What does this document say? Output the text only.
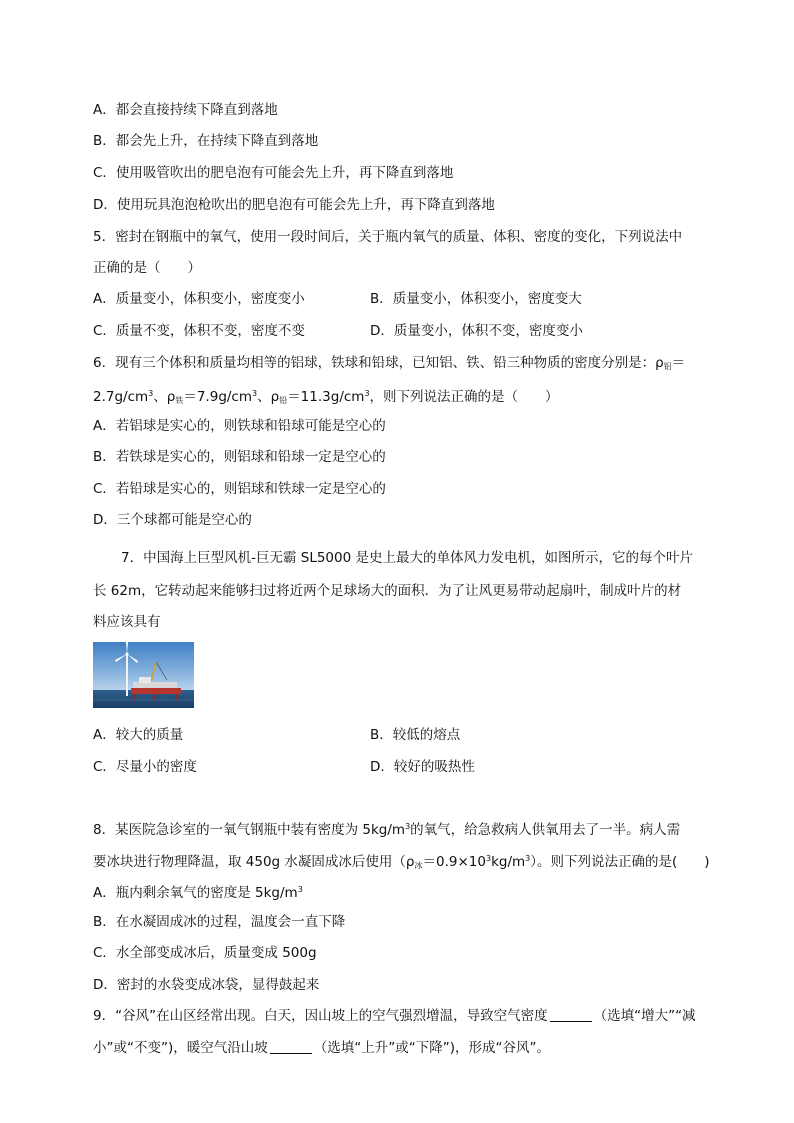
A．都会直接持续下降直到落地
B．都会先上升，在持续下降直到落地
C．使用吸管吹出的肥皂泡有可能会先上升，再下降直到落地
D．使用玩具泡泡枪吹出的肥皂泡有可能会先上升，再下降直到落地
5．密封在钢瓶中的氧气，使用一段时间后，关于瓶内氧气的质量、体积、密度的变化，下列说法中
正确的是（　　）
A．质量变小，体积变小，密度变小	B．质量变小，体积变小，密度变大
C．质量不变，体积不变，密度不变	D．质量变小，体积不变，密度变小
6．现有三个体积和质量均相等的铝球，铁球和铅球，已知铝、铁、铅三种物质的密度分别是：$\rho_铝=$
$2.7g/cm^3$、$\rho_铁=7.9g/cm^3$、$\rho_铅=11.3g/cm^3$，则下列说法正确的是（　　）
A．若铝球是实心的，则铁球和铅球可能是空心的
B．若铁球是实心的，则铝球和铅球一定是空心的
C．若铅球是实心的，则铝球和铁球一定是空心的
D．三个球都可能是空心的
7．中国海上巨型风机-巨无霸 SL5000 是史上最大的单体风力发电机，如图所示，它的每个叶片
长 62m，它转动起来能够扫过将近两个足球场大的面积．为了让风更易带动起扇叶，制成叶片的材
料应该具有
A．较大的质量	B．较低的熔点
C．尽量小的密度	D．较好的吸热性
8．某医院急诊室的一氧气钢瓶中装有密度为 $5kg/m^3$的氧气，给急救病人供氧用去了一半。病人需
要冰块进行物理降温，取 450g 水凝固成冰后使用$(\rho_冰=0.9\times 10^3kg/m^3)$。则下列说法正确的是(　　)
A．瓶内剩余氧气的密度是 $5kg/m^3$
B．在水凝固成冰的过程，温度会一直下降
C．水全部变成冰后，质量变成 500g
D．密封的水袋变成冰袋，显得鼓起来
9．“谷风”在山区经常出现。白天，因山坡上的空气强烈增温，导致空气密度	（选填“增大”“减
小”或“不变”)，暖空气沿山坡	（选填“上升”或“下降”)，形成“谷风”。
